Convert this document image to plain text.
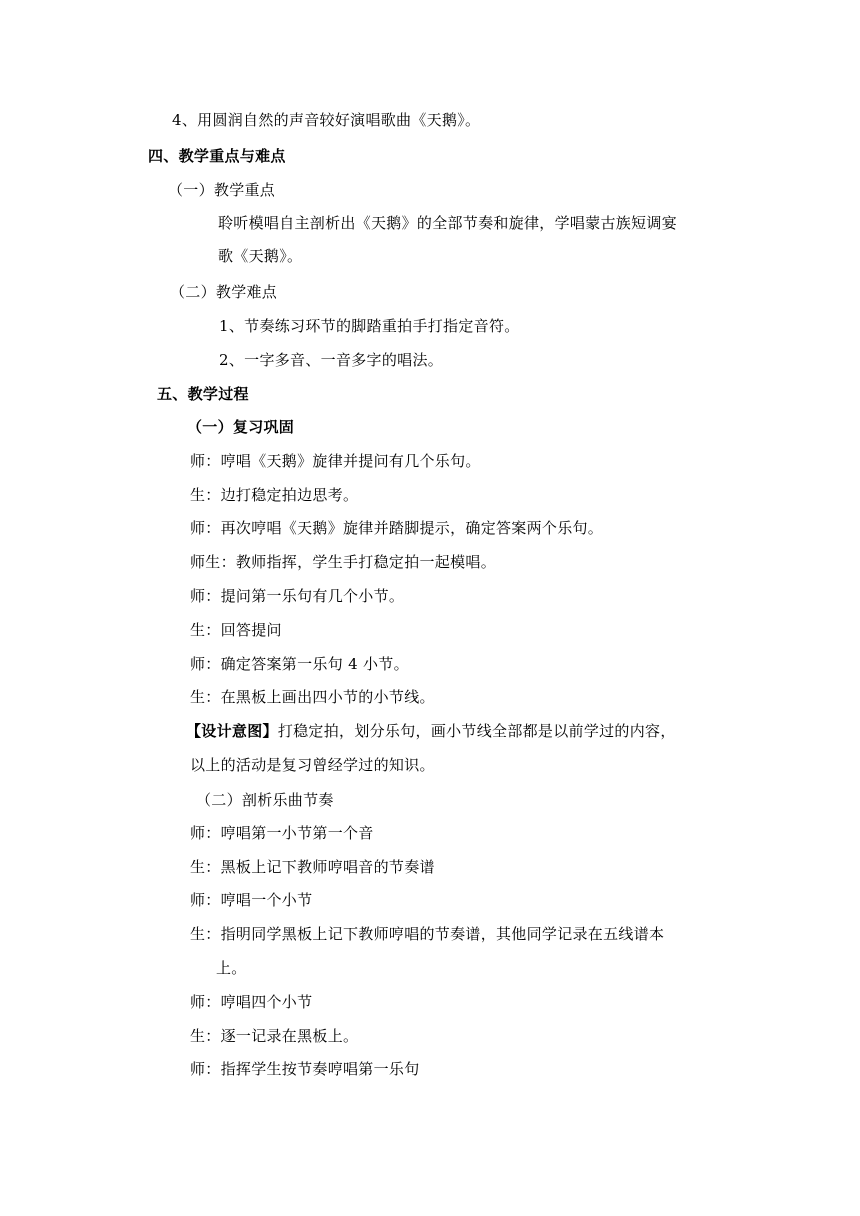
4、用圆润自然的声音较好演唱歌曲《天鹅》。
四、教学重点与难点
（一）教学重点
聆听模唱自主剖析出《天鹅》的全部节奏和旋律，学唱蒙古族短调宴
歌《天鹅》。
（二）教学难点
1、节奏练习环节的脚踏重拍手打指定音符。
2、一字多音、一音多字的唱法。
五、教学过程
（一）复习巩固
师：哼唱《天鹅》旋律并提问有几个乐句。
生：边打稳定拍边思考。
师：再次哼唱《天鹅》旋律并踏脚提示，确定答案两个乐句。
师生：教师指挥，学生手打稳定拍一起模唱。
师：提问第一乐句有几个小节。
生：回答提问
师：确定答案第一乐句 4 小节。
生：在黑板上画出四小节的小节线。
【设计意图】打稳定拍，划分乐句，画小节线全部都是以前学过的内容，
以上的活动是复习曾经学过的知识。
（二）剖析乐曲节奏
师：哼唱第一小节第一个音
生：黑板上记下教师哼唱音的节奏谱
师：哼唱一个小节
生：指明同学黑板上记下教师哼唱的节奏谱，其他同学记录在五线谱本
上。
师：哼唱四个小节
生：逐一记录在黑板上。
师：指挥学生按节奏哼唱第一乐句
